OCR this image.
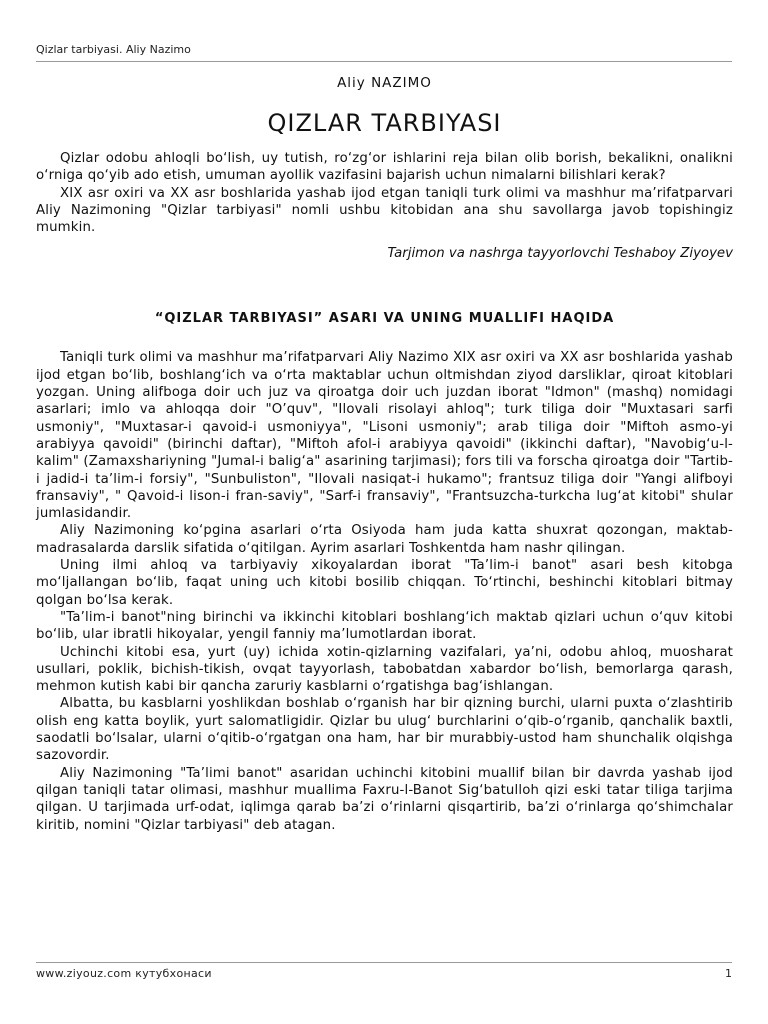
Qizlar tarbiyasi. Aliy Nazimo

Aliy NAZIMO

QIZLAR TARBIYASI

Qizlar odobu ahloqli bo‘lish, uy tutish, ro‘zg‘or ishlarini reja bilan olib borish, bekalikni, onalikni o‘rniga qo‘yib ado etish, umuman ayollik vazifasini bajarish uchun nimalarni bilishlari kerak?

XIX asr oxiri va XX asr boshlarida yashab ijod etgan taniqli turk olimi va mashhur ma’rifatparvari Aliy Nazimoning "Qizlar tarbiyasi" nomli ushbu kitobidan ana shu savollarga javob topishingiz mumkin.

Tarjimon va nashrga tayyorlovchi Teshaboy Ziyoyev

“QIZLAR TARBIYASI” ASARI VA UNING MUALLIFI HAQIDA

Taniqli turk olimi va mashhur ma’rifatparvari Aliy Nazimo XIX asr oxiri va XX asr boshlarida yashab ijod etgan bo‘lib, boshlang‘ich va o‘rta maktablar uchun oltmishdan ziyod darsliklar, qiroat kitoblari yozgan. Uning alifboga doir uch juz va qiroatga doir uch juzdan iborat "Idmon" (mashq) nomidagi asarlari; imlo va ahloqqa doir "O’quv", "Ilovali risolayi ahloq"; turk tiliga doir "Muxtasari sarfi usmoniy", "Muxtasar-i qavoid-i usmoniyya", "Lisoni usmoniy"; arab tiliga doir "Miftoh asmo-yi arabiyya qavoidi" (birinchi daftar), "Miftoh afol-i arabiyya qavoidi" (ikkinchi daftar), "Navobig‘u-l-kalim" (Zamaxshariyning "Jumal-i balig‘a" asarining tarjimasi); fors tili va forscha qiroatga doir "Tartib-i jadid-i ta’lim-i forsiy", "Sunbuliston", "Ilovali nasiqat-i hukamo"; frantsuz tiliga doir "Yangi alifboyi fransaviy", " Qavoid-i lison-i fran-saviy", "Sarf-i fransaviy", "Frantsuzcha-turkcha lug‘at kitobi" shular jumlasidandir.

Aliy Nazimoning ko‘pgina asarlari o‘rta Osiyoda ham juda katta shuxrat qozongan, maktab-madrasalarda darslik sifatida o‘qitilgan. Ayrim asarlari Toshkentda ham nashr qilingan.

Uning ilmi ahloq va tarbiyaviy xikoyalardan iborat "Ta’lim-i banot" asari besh kitobga mo‘ljallangan bo‘lib, faqat uning uch kitobi bosilib chiqqan. To‘rtinchi, beshinchi kitoblari bitmay qolgan bo‘lsa kerak.

"Ta’lim-i banot"ning birinchi va ikkinchi kitoblari boshlang‘ich maktab qizlari uchun o‘quv kitobi bo‘lib, ular ibratli hikoyalar, yengil fanniy ma’lumotlardan iborat.

Uchinchi kitobi esa, yurt (uy) ichida xotin-qizlarning vazifalari, ya’ni, odobu ahloq, muosharat usullari, poklik, bichish-tikish, ovqat tayyorlash, tabobatdan xabardor bo‘lish, bemorlarga qarash, mehmon kutish kabi bir qancha zaruriy kasblarni o‘rgatishga bag‘ishlangan.

Albatta, bu kasblarni yoshlikdan boshlab o‘rganish har bir qizning burchi, ularni puxta o‘zlashtirib olish eng katta boylik, yurt salomatligidir. Qizlar bu ulug‘ burchlarini o‘qib-o‘rganib, qanchalik baxtli, saodatli bo‘lsalar, ularni o‘qitib-o‘rgatgan ona ham, har bir murabbiy-ustod ham shunchalik olqishga sazovordir.

Aliy Nazimoning "Ta’limi banot" asaridan uchinchi kitobini muallif bilan bir davrda yashab ijod qilgan taniqli tatar olimasi, mashhur muallima Faxru-l-Banot Sig‘batulloh qizi eski tatar tiliga tarjima qilgan. U tarjimada urf-odat, iqlimga qarab ba’zi o‘rinlarni qisqartirib, ba’zi o‘rinlarga qo‘shimchalar kiritib, nomini "Qizlar tarbiyasi" deb atagan.

www.ziyouz.com кутубхонаси	1
